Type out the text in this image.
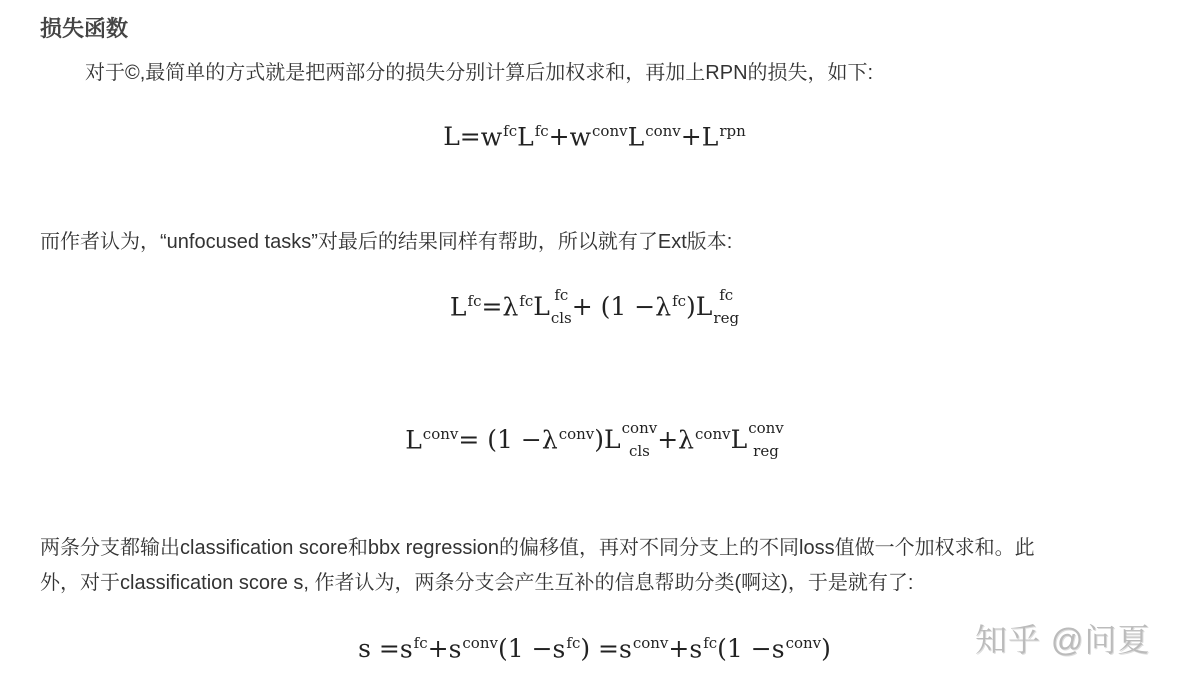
损失函数
对于©,最简单的方式就是把两部分的损失分别计算后加权求和，再加上RPN的损失，如下:
$L=w^{fc}L^{fc}+w^{conv}L^{conv}+L^{rpn}$
而作者认为，“unfocused tasks”对最后的结果同样有帮助，所以就有了Ext版本:
$L^{fc}=\lambda^{fc}L$ fc
cls + $(1 -\lambda^{fc})L$ fc
reg
$L^{conv}= (1 -\lambda^{conv})L$ conv
cls $+\lambda^{conv}L$ conv
reg
两条分支都输出classification score和bbx regression的偏移值，再对不同分支上的不同loss值做一个加权求和。此
外，对于classification score s, 作者认为，两条分支会产生互补的信息帮助分类(啊这)，于是就有了:
$s =s^{fc}+s^{conv}(1 -s^{fc}) =s^{conv}+s^{fc}(1 -s^{conv})$	知乎 @问夏
